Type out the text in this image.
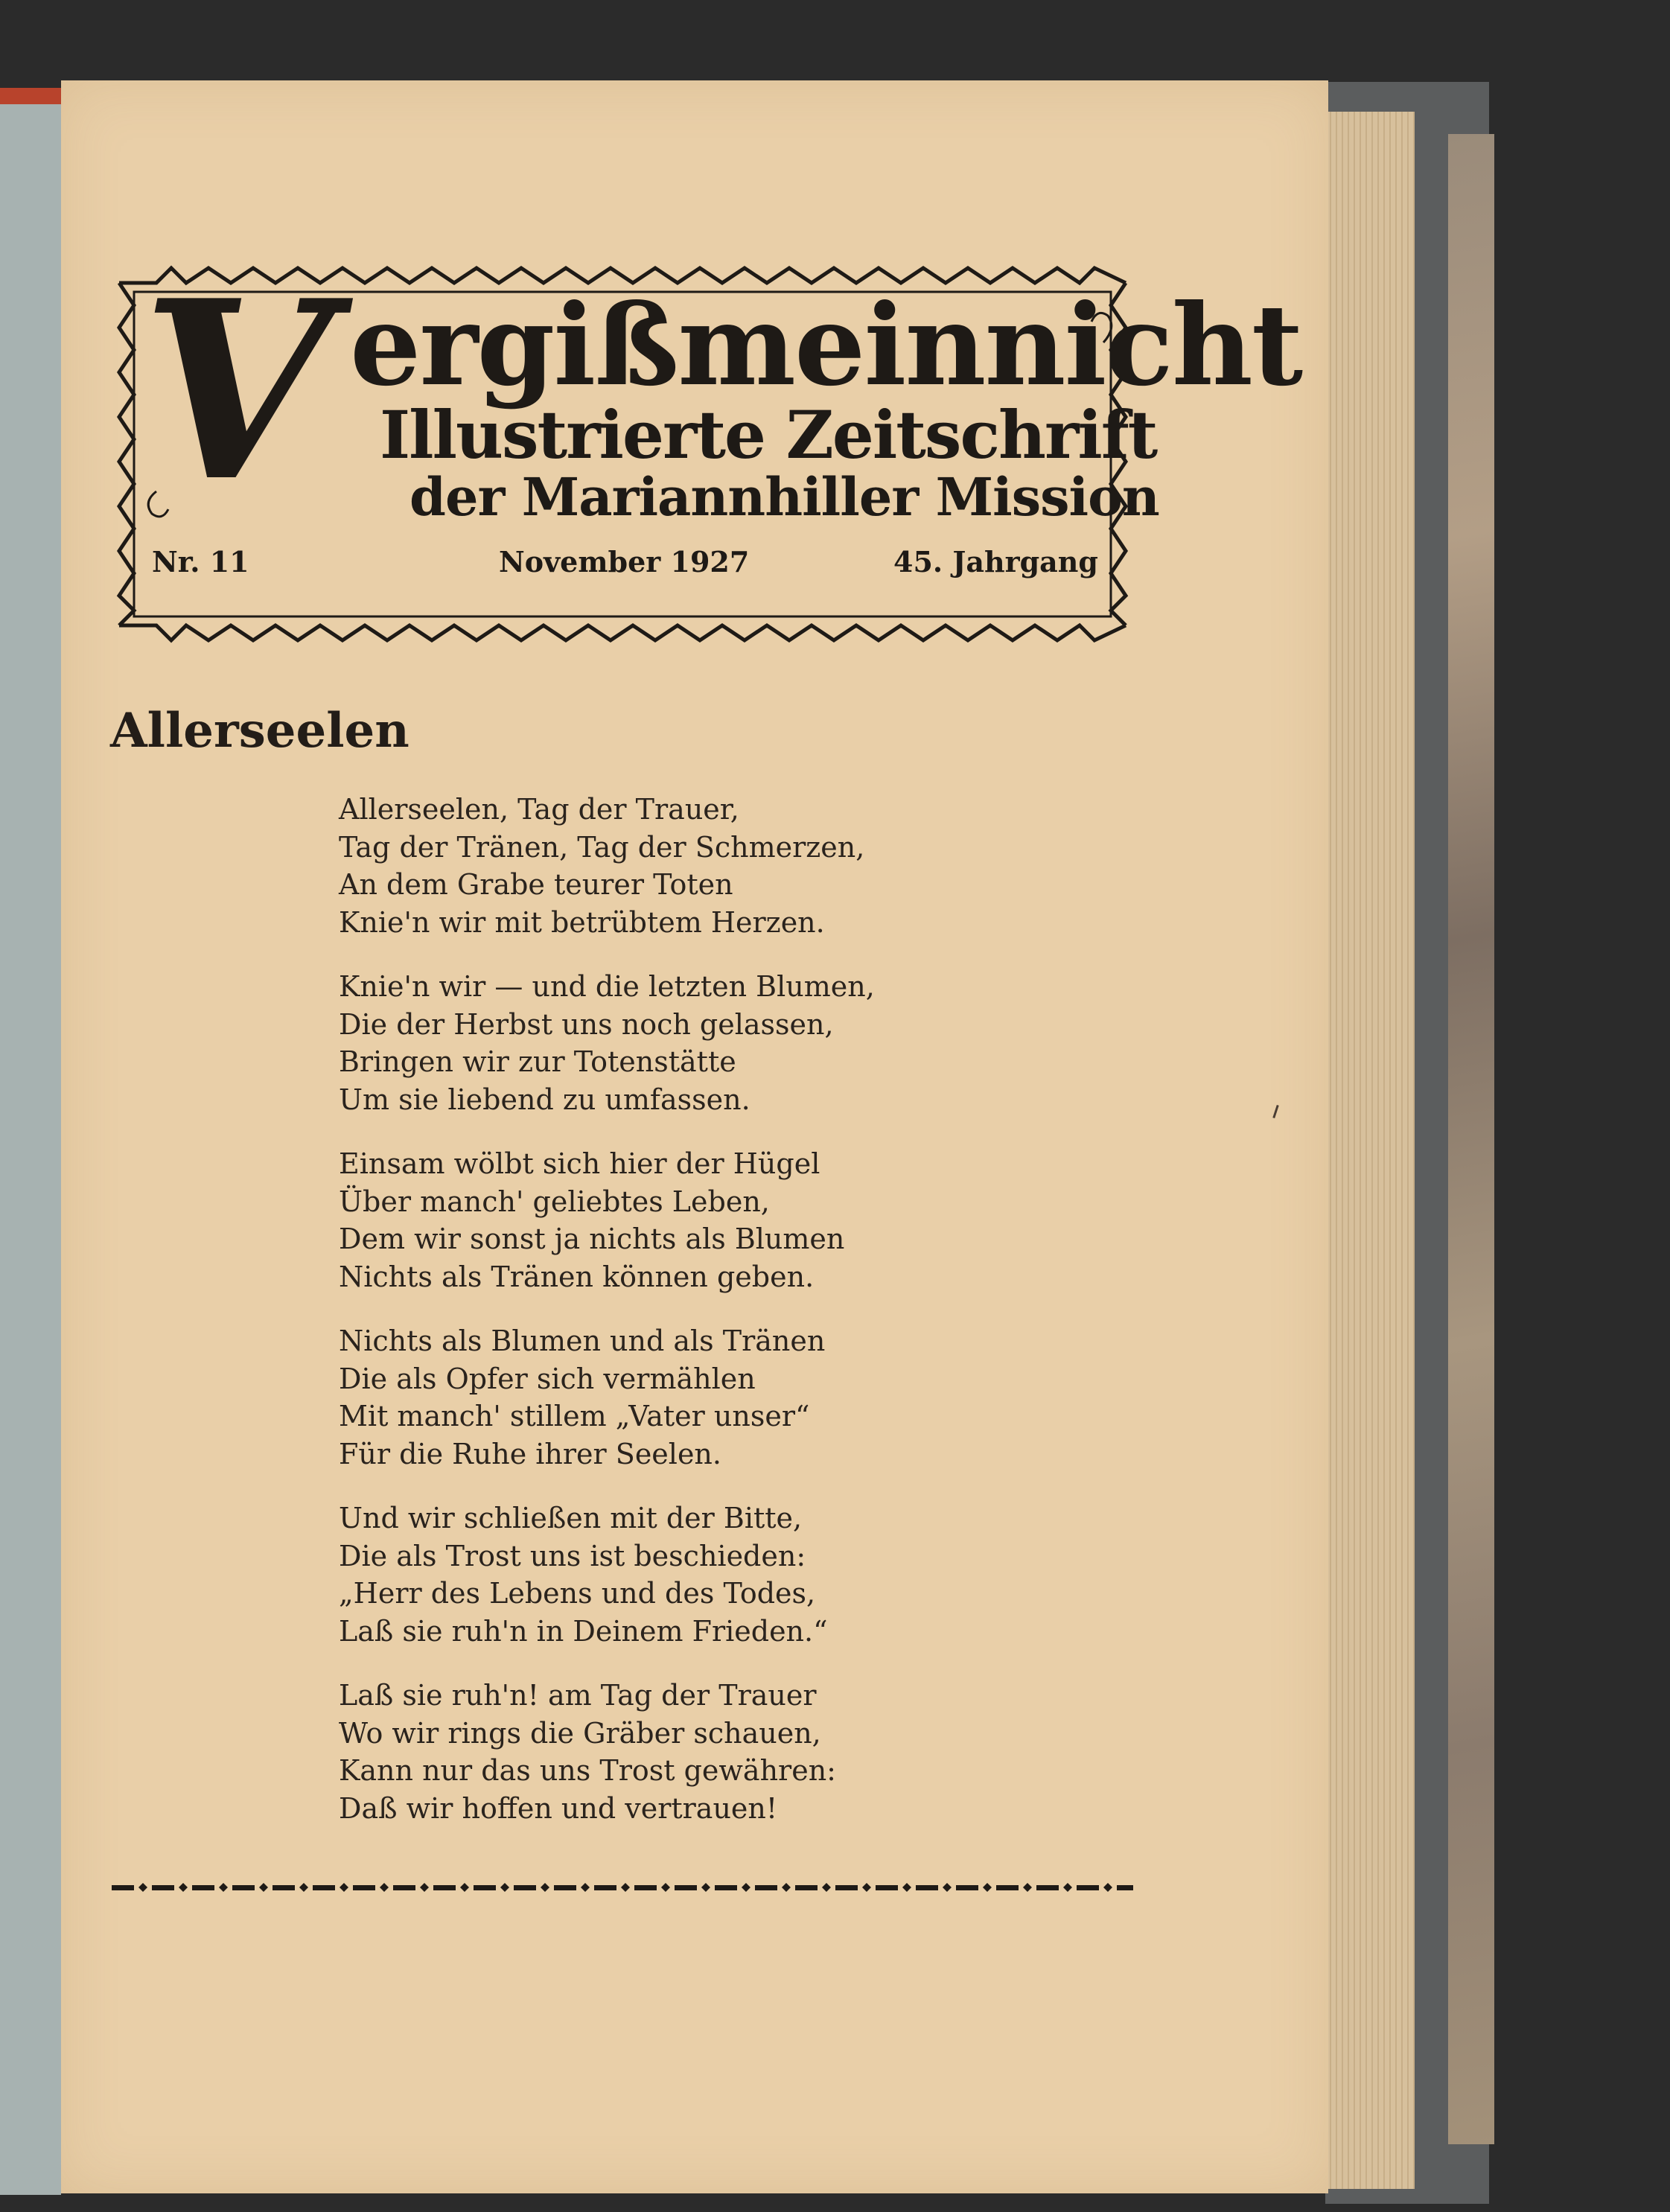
V ergißmeinnicht
Illustrierte Zeitschrift
der Mariannhiller Mission
Nr. 11	November 1927	45. Jahrgang
Allerseelen
Allerseelen, Tag der Trauer,
Tag der Tränen, Tag der Schmerzen,
An dem Grabe teurer Toten
Knie'n wir mit betrübtem Herzen.
Knie'n wir — und die letzten Blumen,
Die der Herbst uns noch gelassen,
Bringen wir zur Totenstätte
Um sie liebend zu umfassen.
Einsam wölbt sich hier der Hügel
Über manch' geliebtes Leben,
Dem wir sonst ja nichts als Blumen
Nichts als Tränen können geben.
Nichts als Blumen und als Tränen
Die als Opfer sich vermählen
Mit manch' stillem „Vater unser“
Für die Ruhe ihrer Seelen.
Und wir schließen mit der Bitte,
Die als Trost uns ist beschieden:
„Herr des Lebens und des Todes,
Laß sie ruh'n in Deinem Frieden.“
Laß sie ruh'n! am Tag der Trauer
Wo wir rings die Gräber schauen,
Kann nur das uns Trost gewähren:
Daß wir hoffen und vertrauen!
